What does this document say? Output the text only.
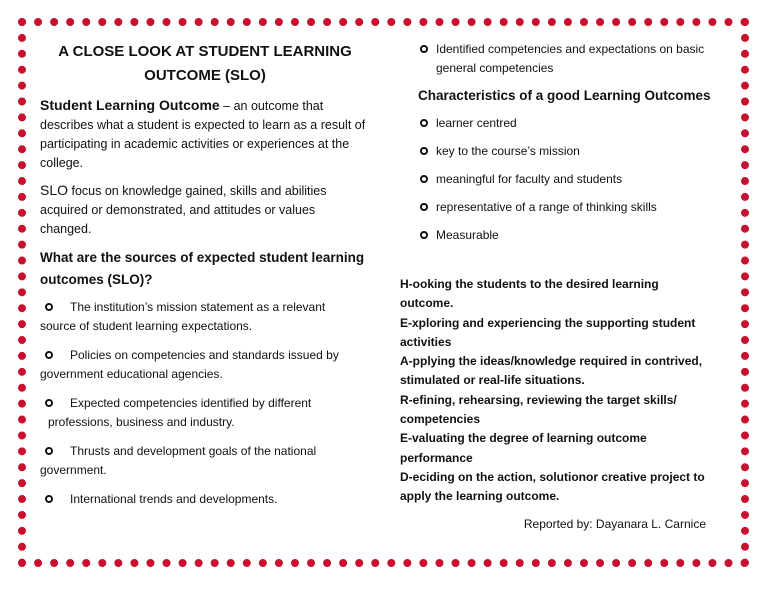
A CLOSE LOOK AT STUDENT LEARNING
OUTCOME (SLO)
Student Learning Outcome – an outcome that describes what a student is expected to learn as a result of participating in academic activities or experiences at the college.
SLO focus on knowledge gained, skills and abilities acquired or demonstrated, and attitudes or values changed.
What are the sources of expected student learning outcomes (SLO)?
The institution’s mission statement as a relevant source of student learning expectations.
Policies on competencies and standards issued by government educational agencies.
Expected competencies identified by different professions, business and industry.
Thrusts and development goals of the national government.
International trends and developments.
Identified competencies and expectations on basic general competencies
Characteristics of a good Learning Outcomes
learner centred
key to the course’s mission
meaningful for faculty and students
representative of a range of thinking skills
Measurable
H-ooking the students to the desired learning outcome.
E-xploring and experiencing the supporting student activities
A-pplying the ideas/knowledge required in contrived, stimulated or real-life situations.
R-efining, rehearsing, reviewing the target skills/ competencies
E-valuating the degree of learning outcome performance
D-eciding on the action, solutionor creative project to apply the learning outcome.
Reported by: Dayanara L. Carnice
